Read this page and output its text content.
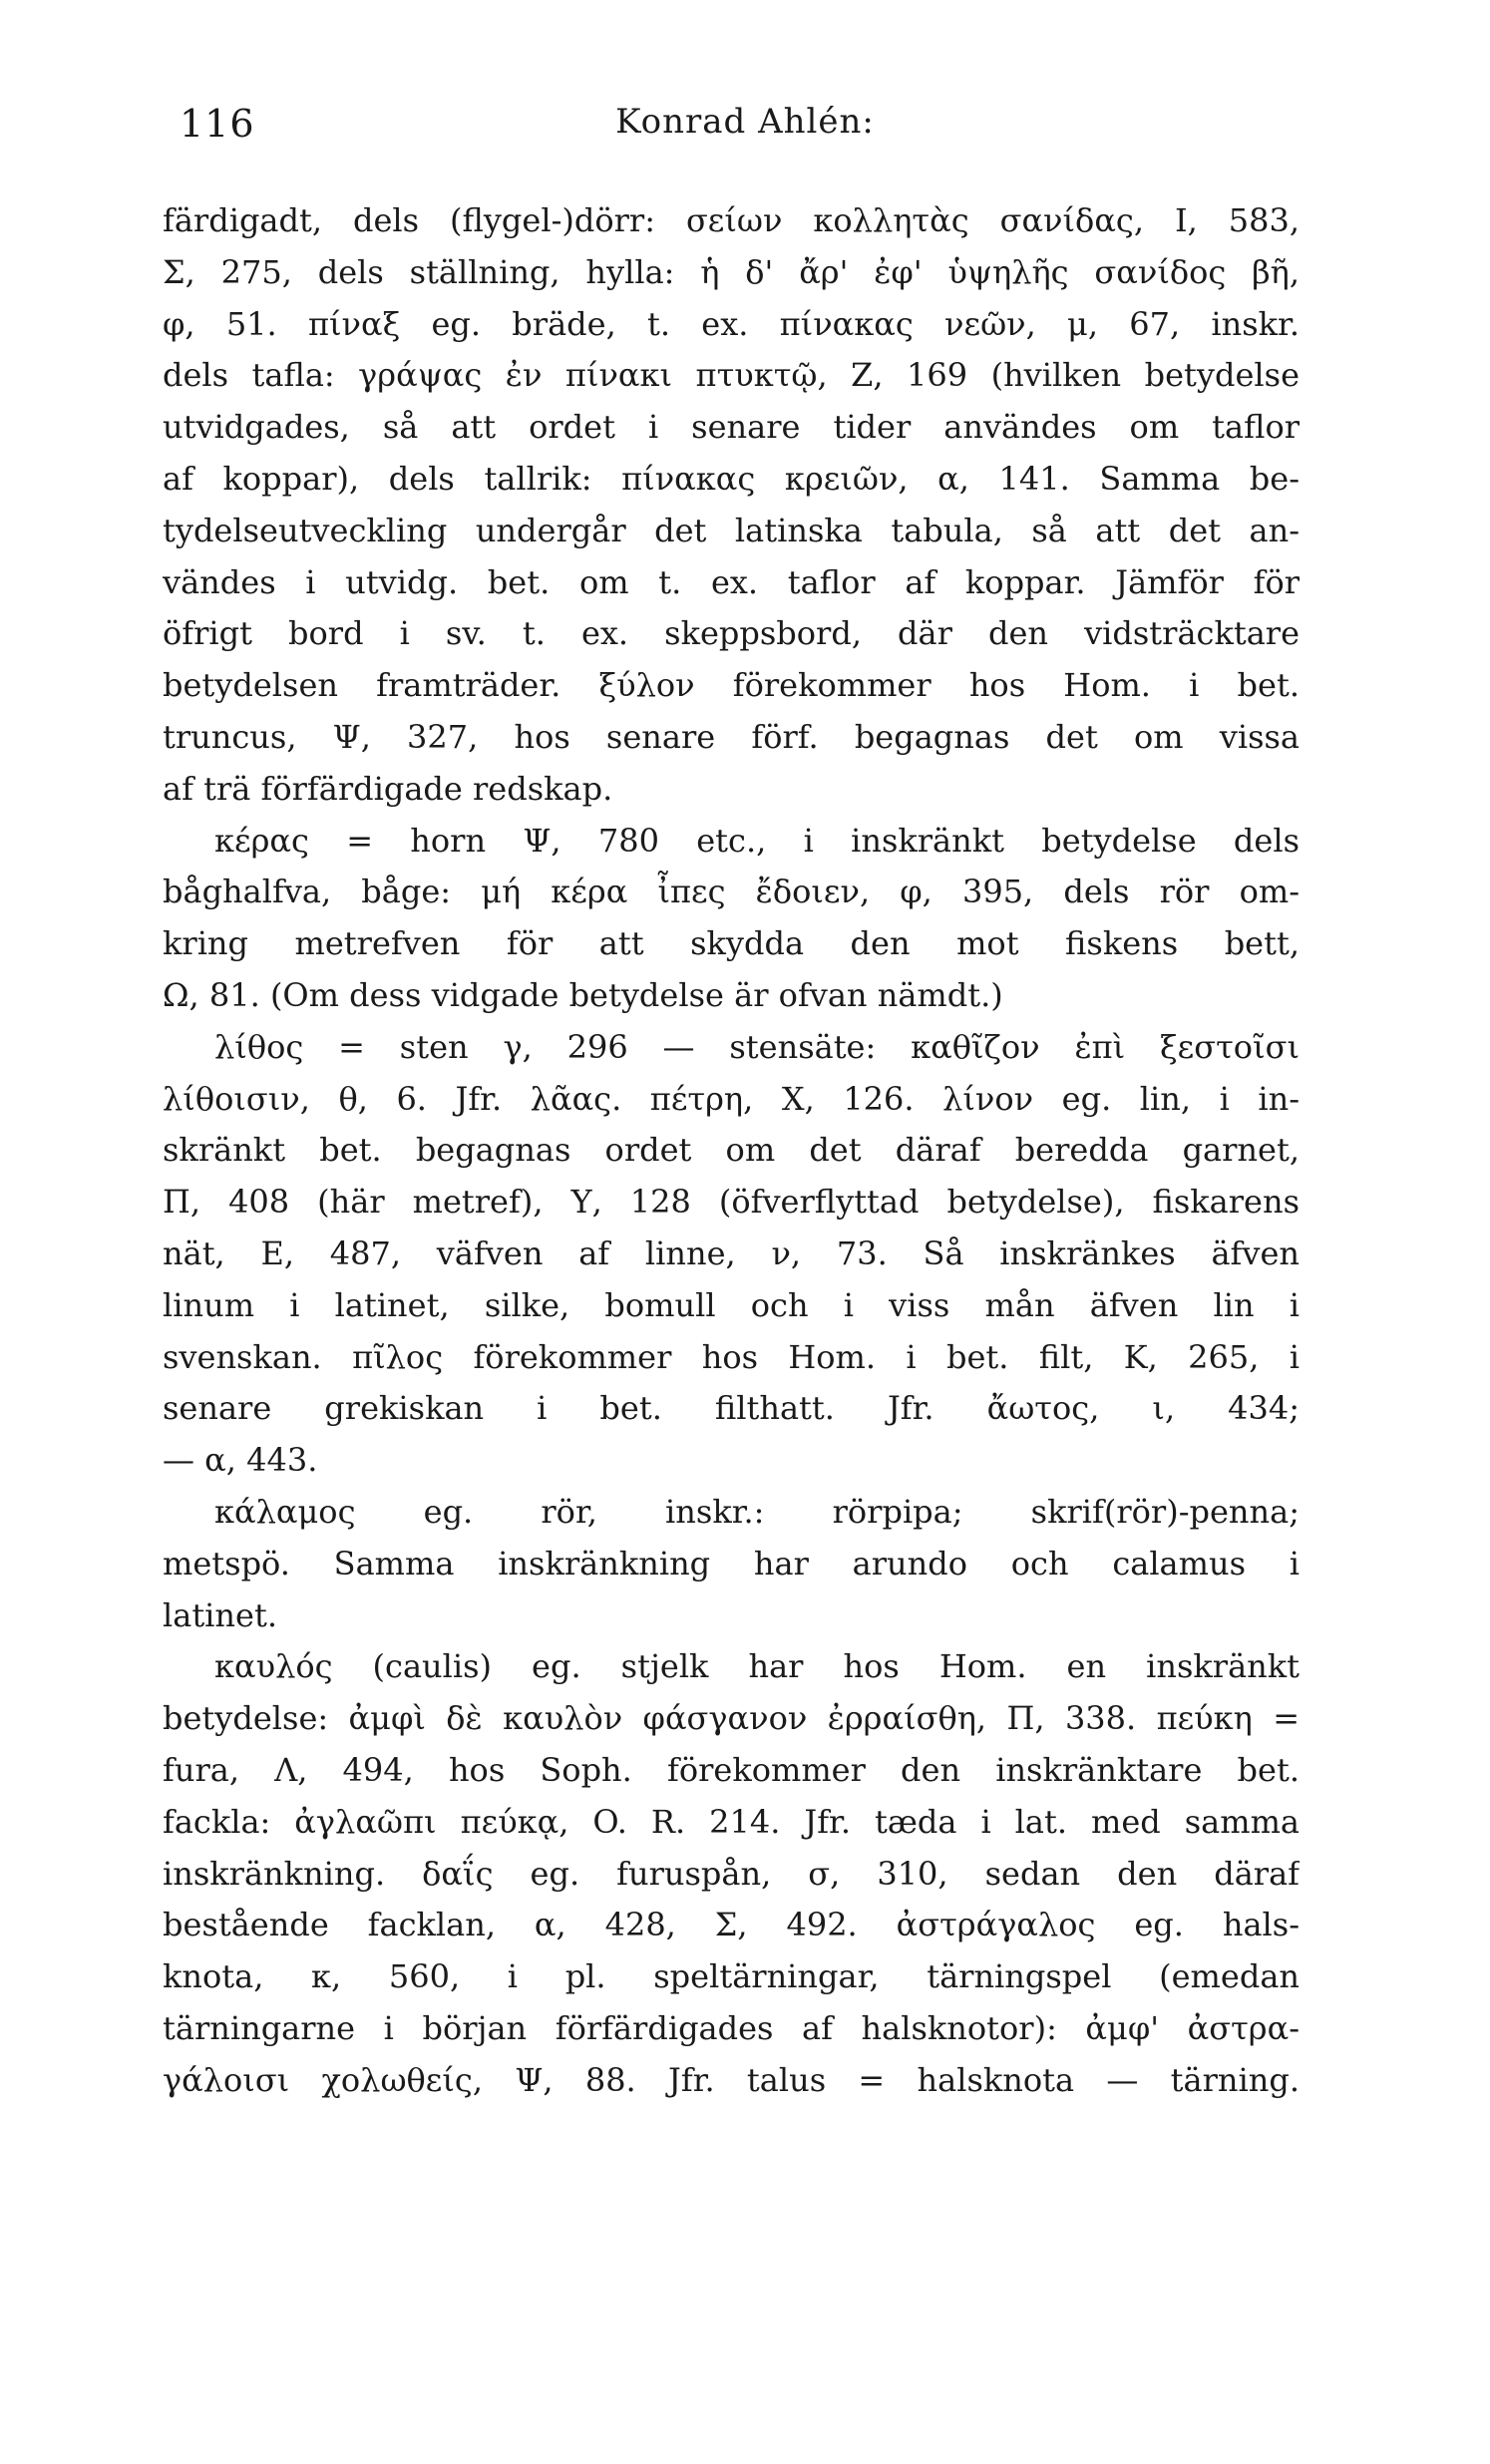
116	Konrad Ahlén:
färdigadt, dels (flygel-)dörr: σείων κολλητὰς σανίδας, Ι, 583,
Σ, 275, dels ställning, hylla: ἡ δ' ἄρ' ἐφ' ὑψηλῆς σανίδος βῆ,
φ, 51. πίναξ eg. bräde, t. ex. πίνακας νεῶν, μ, 67, inskr.
dels tafla: γράψας ἐν πίνακι πτυκτῷ, Ζ, 169 (hvilken betydelse
utvidgades, så att ordet i senare tider användes om taflor
af koppar), dels tallrik: πίνακας κρειῶν, α, 141. Samma be-
tydelseutveckling undergår det latinska tabula, så att det an-
vändes i utvidg. bet. om t. ex. taflor af koppar. Jämför för
öfrigt bord i sv. t. ex. skeppsbord, där den vidsträcktare
betydelsen framträder. ξύλον förekommer hos Hom. i bet.
truncus, Ψ, 327, hos senare förf. begagnas det om vissa
af trä förfärdigade redskap.
κέρας = horn Ψ, 780 etc., i inskränkt betydelse dels
båghalfva, båge: μή κέρα ἶπες ἔδοιεν, φ, 395, dels rör om-
kring metrefven för att skydda den mot fiskens bett,
Ω, 81. (Om dess vidgade betydelse är ofvan nämdt.)
λίθος = sten γ, 296 — stensäte: καθῖζον ἐπὶ ξεστοῖσι
λίθοισιν, θ, 6. Jfr. λᾶας. πέτρη, Χ, 126. λίνον eg. lin, i in-
skränkt bet. begagnas ordet om det däraf beredda garnet,
Π, 408 (här metref), Υ, 128 (öfverflyttad betydelse), fiskarens
nät, Ε, 487, väfven af linne, ν, 73. Så inskränkes äfven
linum i latinet, silke, bomull och i viss mån äfven lin i
svenskan. πῖλος förekommer hos Hom. i bet. filt, Κ, 265, i
senare grekiskan i bet. filthatt. Jfr. ἄωτος, ι, 434;
— α, 443.
κάλαμος eg. rör, inskr.: rörpipa; skrif(rör)-penna;
metspö. Samma inskränkning har arundo och calamus i
latinet.
καυλός (caulis) eg. stjelk har hos Hom. en inskränkt
betydelse: ἀμφὶ δὲ καυλὸν φάσγανον ἐρραίσθη, Π, 338. πεύκη =
fura, Λ, 494, hos Soph. förekommer den inskränktare bet.
fackla: ἀγλαῶπι πεύκᾳ, O. R. 214. Jfr. tæda i lat. med samma
inskränkning. δαΐς eg. furuspån, σ, 310, sedan den däraf
bestående facklan, α, 428, Σ, 492. ἀστράγαλος eg. hals-
knota, κ, 560, i pl. speltärningar, tärningspel (emedan
tärningarne i början förfärdigades af halsknotor): ἀμφ' ἀστρα-
γάλοισι χολωθείς, Ψ, 88. Jfr. talus = halsknota — tärning.
